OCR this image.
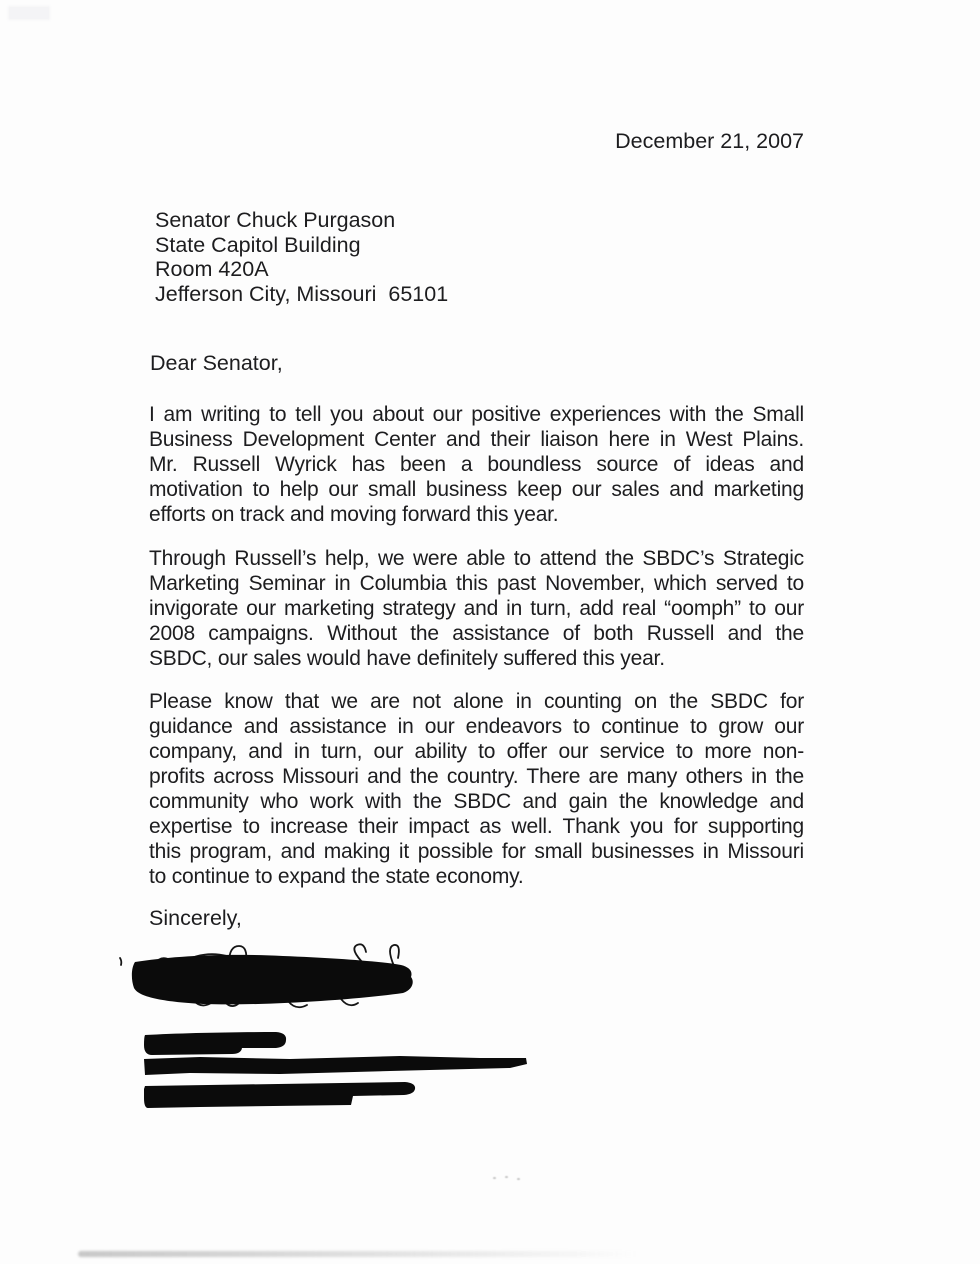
December 21, 2007
Senator Chuck Purgason
State Capitol Building
Room 420A
Jefferson City, Missouri  65101
Dear Senator,
I am writing to tell you about our positive experiences with the Small
Business Development Center and their liaison here in West Plains.
Mr. Russell Wyrick has been a boundless source of ideas and
motivation to help our small business keep our sales and marketing
efforts on track and moving forward this year.
Through Russell’s help, we were able to attend the SBDC’s Strategic
Marketing Seminar in Columbia this past November, which served to
invigorate our marketing strategy and in turn, add real “oomph” to our
2008 campaigns. Without the assistance of both Russell and the
SBDC, our sales would have definitely suffered this year.
Please know that we are not alone in counting on the SBDC for
guidance and assistance in our endeavors to continue to grow our
company, and in turn, our ability to offer our service to more non-
profits across Missouri and the country. There are many others in the
community who work with the SBDC and gain the knowledge and
expertise to increase their impact as well. Thank you for supporting
this program, and making it possible for small businesses in Missouri
to continue to expand the state economy.
Sincerely,
